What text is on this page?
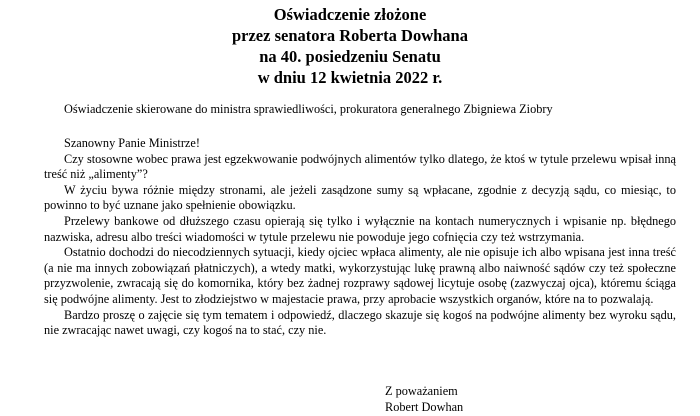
Oświadczenie złożone
przez senatora Roberta Dowhana
na 40. posiedzeniu Senatu
w dniu 12 kwietnia 2022 r.
Oświadczenie skierowane do ministra sprawiedliwości, prokuratora generalnego Zbigniewa Ziobry

Szanowny Panie Ministrze!

Czy stosowne wobec prawa jest egzekwowanie podwójnych alimentów tylko dlatego, że ktoś w tytule przelewu wpisał inną treść niż „alimenty”?

W życiu bywa różnie między stronami, ale jeżeli zasądzone sumy są wpłacane, zgodnie z decyzją sądu, co miesiąc, to powinno to być uznane jako spełnienie obowiązku.

Przelewy bankowe od dłuższego czasu opierają się tylko i wyłącznie na kontach numerycznych i wpisanie np. błędnego nazwiska, adresu albo treści wiadomości w tytule przelewu nie powoduje jego cofnięcia czy też wstrzymania.

Ostatnio dochodzi do niecodziennych sytuacji, kiedy ojciec wpłaca alimenty, ale nie opisuje ich albo wpisana jest inna treść (a nie ma innych zobowiązań płatniczych), a wtedy matki, wykorzystując lukę prawną albo naiwność sądów czy też społeczne przyzwolenie, zwracają się do komornika, który bez żadnej rozprawy sądowej licytuje osobę (zazwyczaj ojca), któremu ściąga się podwójne alimenty. Jest to złodziejstwo w majestacie prawa, przy aprobacie wszystkich organów, które na to pozwalają.

Bardzo proszę o zajęcie się tym tematem i odpowiedź, dlaczego skazuje się kogoś na podwójne alimenty bez wyroku sądu, nie zwracając nawet uwagi, czy kogoś na to stać, czy nie.

Z poważaniem
Robert Dowhan
